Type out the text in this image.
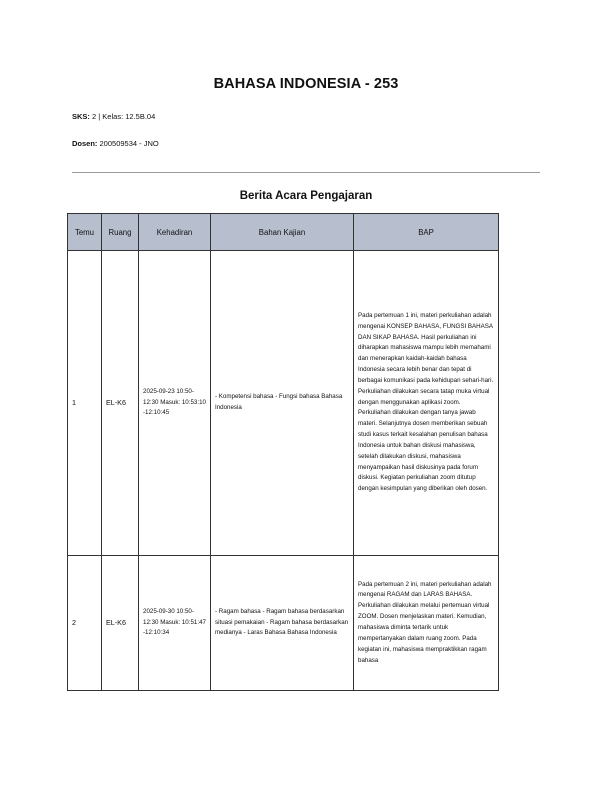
BAHASA INDONESIA - 253
SKS: 2 | Kelas: 12.5B.04
Dosen: 200509534 - JNO
Berita Acara Pengajaran
Temu	Ruang	Kehadiran	Bahan Kajian	BAP
1	EL-K6	2025-09-23 10:50-12:30 Masuk: 10:53:10 -12:10:45	- Kompetensi bahasa - Fungsi bahasa Bahasa Indonesia	Pada pertemuan 1 ini, materi perkuliahan adalah mengenai KONSEP BAHASA, FUNGSI BAHASA DAN SIKAP BAHASA. Hasil perkuliahan ini diharapkan mahasiswa mampu lebih memahami dan menerapkan kaidah-kaidah bahasa Indonesia secara lebih benar dan tepat di berbagai komunikasi pada kehidupan sehari-hari. Perkuliahan dilakukan secara tatap muka virtual dengan menggunakan aplikasi zoom. Perkuliahan dilakukan dengan tanya jawab materi. Selanjutnya dosen memberikan sebuah studi kasus terkait kesalahan penulisan bahasa Indonesia untuk bahan diskusi mahasiswa, setelah dilakukan diskusi, mahasiswa menyampaikan hasil diskusinya pada forum diskusi. Kegiatan perkuliahan zoom ditutup dengan kesimpulan yang diberikan oleh dosen.

2	EL-K6	2025-09-30 10:50-12:30 Masuk: 10:51:47 -12:10:34	- Ragam bahasa - Ragam bahasa berdasarkan situasi pemakaian - Ragam bahasa berdasarkan medianya - Laras Bahasa Bahasa Indonesia	Pada pertemuan 2 ini, materi perkuliahan adalah mengenai RAGAM dan LARAS BAHASA. Perkuliahan dilakukan melalui pertemuan virtual ZOOM. Dosen menjelaskan materi. Kemudian, mahasiswa diminta tertarik untuk mempertanyakan dalam ruang zoom. Pada kegiatan ini, mahasiswa mempraktikkan ragam bahasa
